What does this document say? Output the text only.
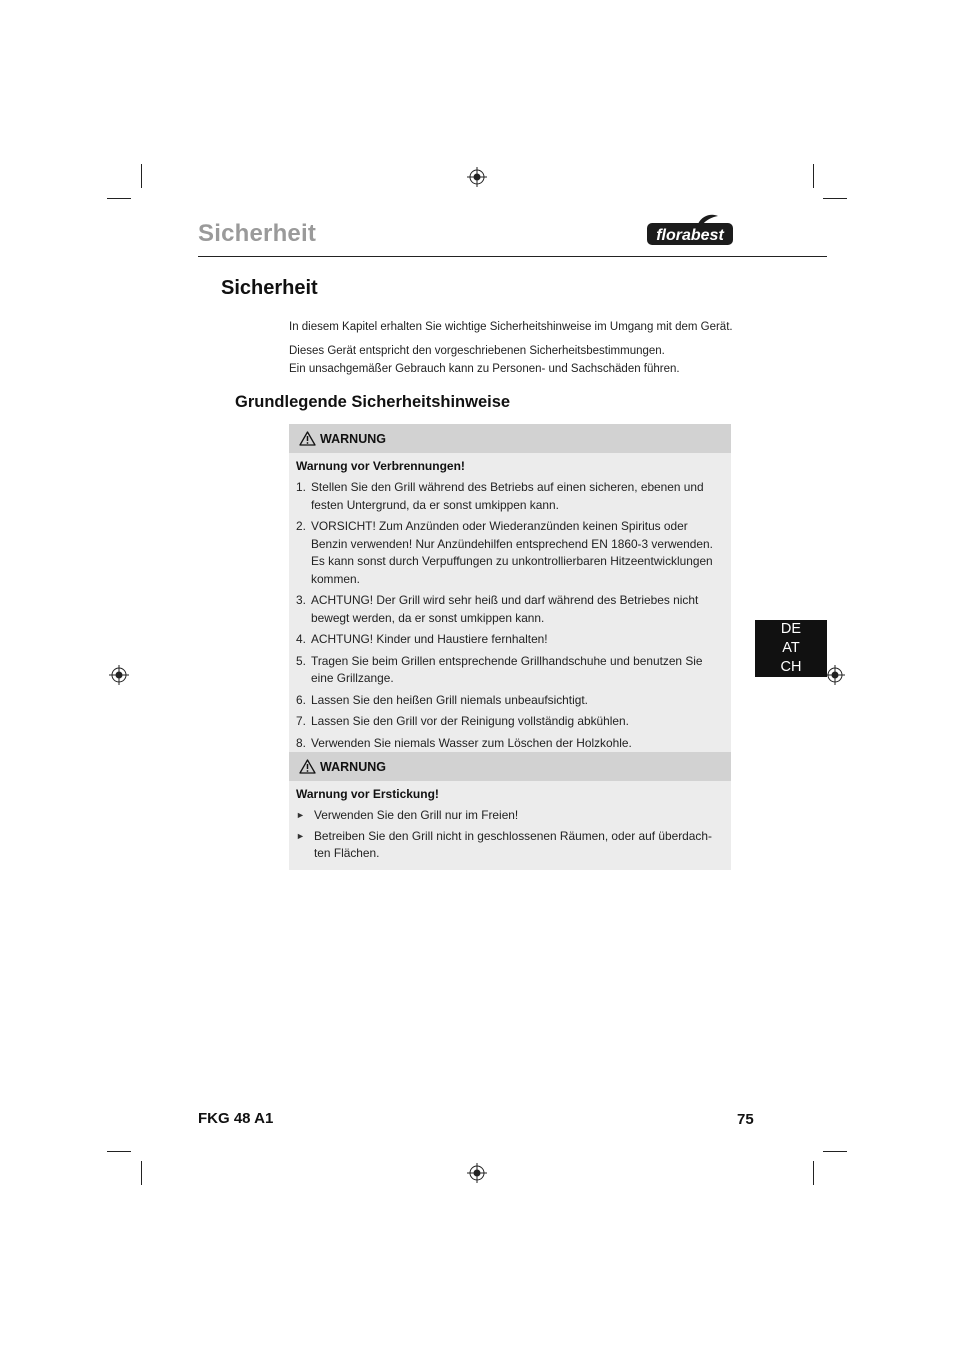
Sicherheit	florabest
Sicherheit
In diesem Kapitel erhalten Sie wichtige Sicherheitshinweise im Umgang mit dem Gerät.
Dieses Gerät entspricht den vorgeschriebenen Sicherheitsbestimmungen.
Ein unsachgemäßer Gebrauch kann zu Personen- und Sachschäden führen.
Grundlegende Sicherheitshinweise
WARNUNG
Warnung vor Verbrennungen!
1. Stellen Sie den Grill während des Betriebs auf einen sicheren, ebenen und festen Untergrund, da er sonst umkippen kann.
2. VORSICHT! Zum Anzünden oder Wiederanzünden keinen Spiritus oder Benzin verwenden! Nur Anzündehilfen entsprechend EN 1860-3 verwenden. Es kann sonst durch Verpuffungen zu unkontrollierbaren Hitzeentwicklungen kommen.
3. ACHTUNG! Der Grill wird sehr heiß und darf während des Betriebes nicht bewegt werden, da er sonst umkippen kann.
4. ACHTUNG! Kinder und Haustiere fernhalten!
5. Tragen Sie beim Grillen entsprechende Grillhandschuhe und benutzen Sie eine Grillzange.
6. Lassen Sie den heißen Grill niemals unbeaufsichtigt.
7. Lassen Sie den Grill vor der Reinigung vollständig abkühlen.
8. Verwenden Sie niemals Wasser zum Löschen der Holzkohle.
WARNUNG
Warnung vor Erstickung!
► Verwenden Sie den Grill nur im Freien!
► Betreiben Sie den Grill nicht in geschlossenen Räumen, oder auf überdach- ten Flächen.
DE
AT
CH
FKG 48 A1	75
